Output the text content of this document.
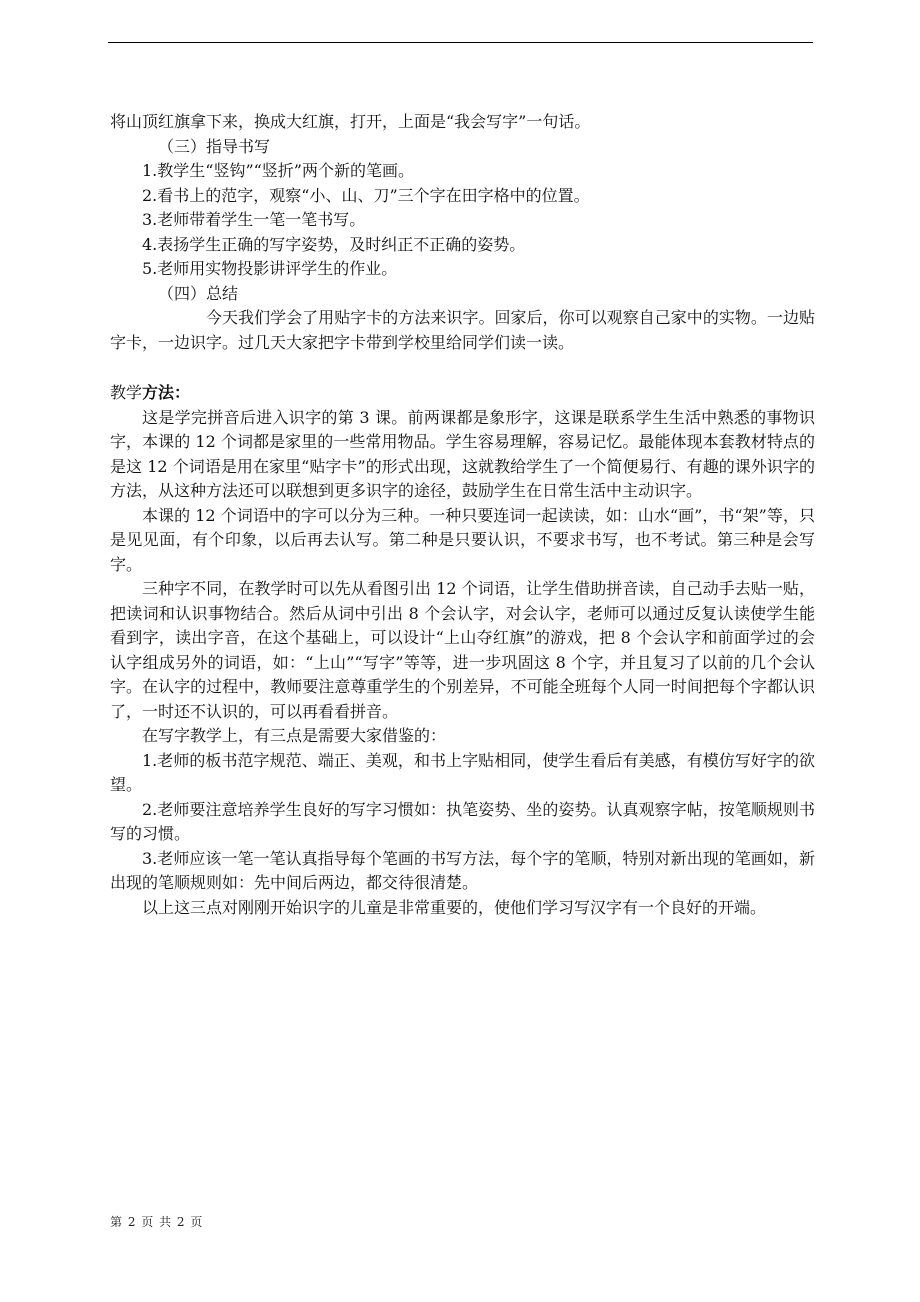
将山顶红旗拿下来，换成大红旗，打开，上面是“我会写字”一句话。

（三）指导书写

1.教学生“竖钩”“竖折”两个新的笔画。

2.看书上的范字，观察“小、山、刀”三个字在田字格中的位置。

3.老师带着学生一笔一笔书写。

4.表扬学生正确的写字姿势，及时纠正不正确的姿势。

5.老师用实物投影讲评学生的作业。

（四）总结

今天我们学会了用贴字卡的方法来识字。回家后，你可以观察自己家中的实物。一边贴字卡，一边识字。过几天大家把字卡带到学校里给同学们读一读。

教学方法：

这是学完拼音后进入识字的第 3 课。前两课都是象形字，这课是联系学生生活中熟悉的事物识字，本课的 12 个词都是家里的一些常用物品。学生容易理解，容易记忆。最能体现本套教材特点的是这 12 个词语是用在家里“贴字卡”的形式出现，这就教给学生了一个简便易行、有趣的课外识字的方法，从这种方法还可以联想到更多识字的途径，鼓励学生在日常生活中主动识字。

本课的 12 个词语中的字可以分为三种。一种只要连词一起读读，如：山水“画”，书“架”等，只是见见面，有个印象，以后再去认写。第二种是只要认识，不要求书写，也不考试。第三种是会写字。

三种字不同，在教学时可以先从看图引出 12 个词语，让学生借助拼音读，自己动手去贴一贴，把读词和认识事物结合。然后从词中引出 8 个会认字，对会认字，老师可以通过反复认读使学生能看到字，读出字音，在这个基础上，可以设计“上山夺红旗”的游戏，把 8 个会认字和前面学过的会认字组成另外的词语，如：“上山”“写字”等等，进一步巩固这 8 个字，并且复习了以前的几个会认字。在认字的过程中，教师要注意尊重学生的个别差异，不可能全班每个人同一时间把每个字都认识了，一时还不认识的，可以再看看拼音。

在写字教学上，有三点是需要大家借鉴的：

1.老师的板书范字规范、端正、美观，和书上字贴相同，使学生看后有美感，有模仿写好字的欲望。

2.老师要注意培养学生良好的写字习惯如：执笔姿势、坐的姿势。认真观察字帖，按笔顺规则书写的习惯。

3.老师应该一笔一笔认真指导每个笔画的书写方法，每个字的笔顺，特别对新出现的笔画如，新出现的笔顺规则如：先中间后两边，都交待很清楚。

以上这三点对刚刚开始识字的儿童是非常重要的，使他们学习写汉字有一个良好的开端。

第 2 页 共 2 页
